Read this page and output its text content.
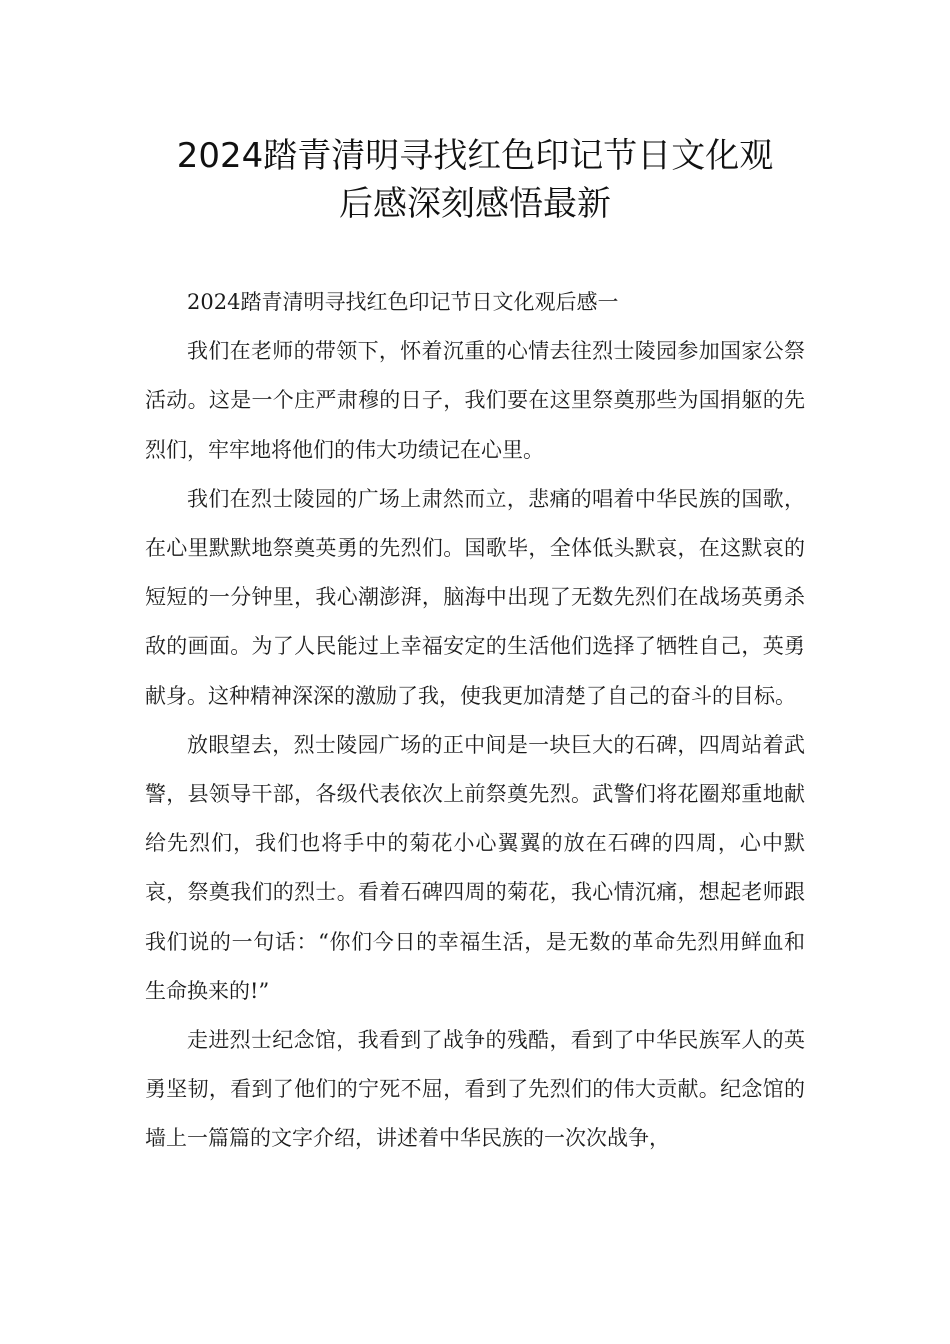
2024踏青清明寻找红色印记节日文化观
后感深刻感悟最新

2024踏青清明寻找红色印记节日文化观后感一

我们在老师的带领下，怀着沉重的心情去往烈士陵园参加国家公祭活动。这是一个庄严肃穆的日子，我们要在这里祭奠那些为国捐躯的先烈们，牢牢地将他们的伟大功绩记在心里。

我们在烈士陵园的广场上肃然而立，悲痛的唱着中华民族的国歌，在心里默默地祭奠英勇的先烈们。国歌毕，全体低头默哀，在这默哀的短短的一分钟里，我心潮澎湃，脑海中出现了无数先烈们在战场英勇杀敌的画面。为了人民能过上幸福安定的生活他们选择了牺牲自己，英勇献身。这种精神深深的激励了我，使我更加清楚了自己的奋斗的目标。

放眼望去，烈士陵园广场的正中间是一块巨大的石碑，四周站着武警，县领导干部，各级代表依次上前祭奠先烈。武警们将花圈郑重地献给先烈们，我们也将手中的菊花小心翼翼的放在石碑的四周，心中默哀，祭奠我们的烈士。看着石碑四周的菊花，我心情沉痛，想起老师跟我们说的一句话：“你们今日的幸福生活，是无数的革命先烈用鲜血和生命换来的!”

走进烈士纪念馆，我看到了战争的残酷，看到了中华民族军人的英勇坚韧，看到了他们的宁死不屈，看到了先烈们的伟大贡献。纪念馆的墙上一篇篇的文字介绍，讲述着中华民族的一次次战争，
